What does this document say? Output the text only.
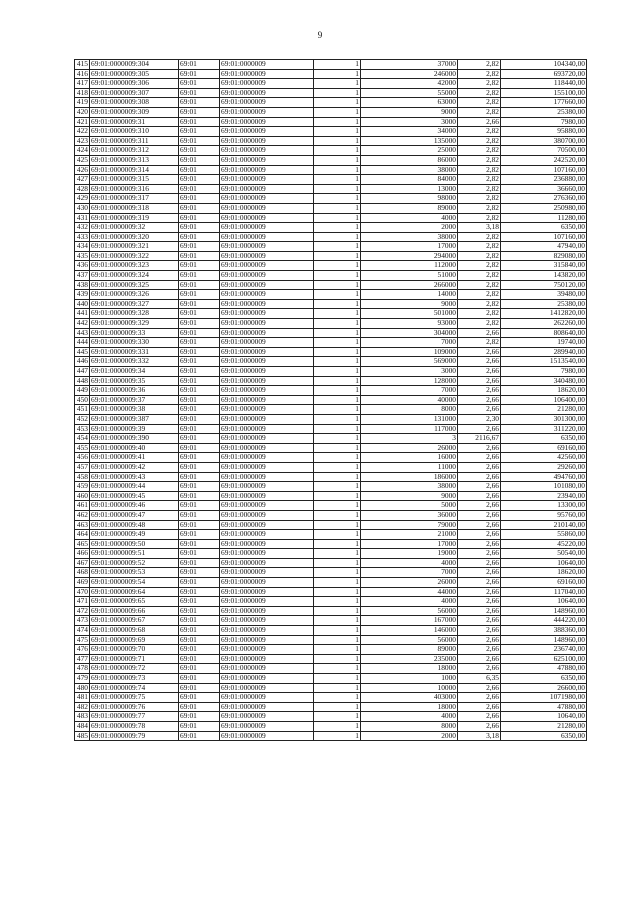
9
415	69:01:0000009:304	69:01	69:01:0000009	1	37000	2,82	104340,00
416	69:01:0000009:305	69:01	69:01:0000009	1	246000	2,82	693720,00
417	69:01:0000009:306	69:01	69:01:0000009	1	42000	2,82	118440,00
418	69:01:0000009:307	69:01	69:01:0000009	1	55000	2,82	155100,00
419	69:01:0000009:308	69:01	69:01:0000009	1	63000	2,82	177660,00
420	69:01:0000009:309	69:01	69:01:0000009	1	9000	2,82	25380,00
421	69:01:0000009:31	69:01	69:01:0000009	1	3000	2,66	7980,00
422	69:01:0000009:310	69:01	69:01:0000009	1	34000	2,82	95880,00
423	69:01:0000009:311	69:01	69:01:0000009	1	135000	2,82	380700,00
424	69:01:0000009:312	69:01	69:01:0000009	1	25000	2,82	70500,00
425	69:01:0000009:313	69:01	69:01:0000009	1	86000	2,82	242520,00
426	69:01:0000009:314	69:01	69:01:0000009	1	38000	2,82	107160,00
427	69:01:0000009:315	69:01	69:01:0000009	1	84000	2,82	236880,00
428	69:01:0000009:316	69:01	69:01:0000009	1	13000	2,82	36660,00
429	69:01:0000009:317	69:01	69:01:0000009	1	98000	2,82	276360,00
430	69:01:0000009:318	69:01	69:01:0000009	1	89000	2,82	250980,00
431	69:01:0000009:319	69:01	69:01:0000009	1	4000	2,82	11280,00
432	69:01:0000009:32	69:01	69:01:0000009	1	2000	3,18	6350,00
433	69:01:0000009:320	69:01	69:01:0000009	1	38000	2,82	107160,00
434	69:01:0000009:321	69:01	69:01:0000009	1	17000	2,82	47940,00
435	69:01:0000009:322	69:01	69:01:0000009	1	294000	2,82	829080,00
436	69:01:0000009:323	69:01	69:01:0000009	1	112000	2,82	315840,00
437	69:01:0000009:324	69:01	69:01:0000009	1	51000	2,82	143820,00
438	69:01:0000009:325	69:01	69:01:0000009	1	266000	2,82	750120,00
439	69:01:0000009:326	69:01	69:01:0000009	1	14000	2,82	39480,00
440	69:01:0000009:327	69:01	69:01:0000009	1	9000	2,82	25380,00
441	69:01:0000009:328	69:01	69:01:0000009	1	501000	2,82	1412820,00
442	69:01:0000009:329	69:01	69:01:0000009	1	93000	2,82	262260,00
443	69:01:0000009:33	69:01	69:01:0000009	1	304000	2,66	808640,00
444	69:01:0000009:330	69:01	69:01:0000009	1	7000	2,82	19740,00
445	69:01:0000009:331	69:01	69:01:0000009	1	109000	2,66	289940,00
446	69:01:0000009:332	69:01	69:01:0000009	1	569000	2,66	1513540,00
447	69:01:0000009:34	69:01	69:01:0000009	1	3000	2,66	7980,00
448	69:01:0000009:35	69:01	69:01:0000009	1	128000	2,66	340480,00
449	69:01:0000009:36	69:01	69:01:0000009	1	7000	2,66	18620,00
450	69:01:0000009:37	69:01	69:01:0000009	1	40000	2,66	106400,00
451	69:01:0000009:38	69:01	69:01:0000009	1	8000	2,66	21280,00
452	69:01:0000009:387	69:01	69:01:0000009	1	131000	2,30	301300,00
453	69:01:0000009:39	69:01	69:01:0000009	1	117000	2,66	311220,00
454	69:01:0000009:390	69:01	69:01:0000009	1	3	2116,67	6350,00
455	69:01:0000009:40	69:01	69:01:0000009	1	26000	2,66	69160,00
456	69:01:0000009:41	69:01	69:01:0000009	1	16000	2,66	42560,00
457	69:01:0000009:42	69:01	69:01:0000009	1	11000	2,66	29260,00
458	69:01:0000009:43	69:01	69:01:0000009	1	186000	2,66	494760,00
459	69:01:0000009:44	69:01	69:01:0000009	1	38000	2,66	101080,00
460	69:01:0000009:45	69:01	69:01:0000009	1	9000	2,66	23940,00
461	69:01:0000009:46	69:01	69:01:0000009	1	5000	2,66	13300,00
462	69:01:0000009:47	69:01	69:01:0000009	1	36000	2,66	95760,00
463	69:01:0000009:48	69:01	69:01:0000009	1	79000	2,66	210140,00
464	69:01:0000009:49	69:01	69:01:0000009	1	21000	2,66	55860,00
465	69:01:0000009:50	69:01	69:01:0000009	1	17000	2,66	45220,00
466	69:01:0000009:51	69:01	69:01:0000009	1	19000	2,66	50540,00
467	69:01:0000009:52	69:01	69:01:0000009	1	4000	2,66	10640,00
468	69:01:0000009:53	69:01	69:01:0000009	1	7000	2,66	18620,00
469	69:01:0000009:54	69:01	69:01:0000009	1	26000	2,66	69160,00
470	69:01:0000009:64	69:01	69:01:0000009	1	44000	2,66	117040,00
471	69:01:0000009:65	69:01	69:01:0000009	1	4000	2,66	10640,00
472	69:01:0000009:66	69:01	69:01:0000009	1	56000	2,66	148960,00
473	69:01:0000009:67	69:01	69:01:0000009	1	167000	2,66	444220,00
474	69:01:0000009:68	69:01	69:01:0000009	1	146000	2,66	388360,00
475	69:01:0000009:69	69:01	69:01:0000009	1	56000	2,66	148960,00
476	69:01:0000009:70	69:01	69:01:0000009	1	89000	2,66	236740,00
477	69:01:0000009:71	69:01	69:01:0000009	1	235000	2,66	625100,00
478	69:01:0000009:72	69:01	69:01:0000009	1	18000	2,66	47880,00
479	69:01:0000009:73	69:01	69:01:0000009	1	1000	6,35	6350,00
480	69:01:0000009:74	69:01	69:01:0000009	1	10000	2,66	26600,00
481	69:01:0000009:75	69:01	69:01:0000009	1	403000	2,66	1071980,00
482	69:01:0000009:76	69:01	69:01:0000009	1	18000	2,66	47880,00
483	69:01:0000009:77	69:01	69:01:0000009	1	4000	2,66	10640,00
484	69:01:0000009:78	69:01	69:01:0000009	1	8000	2,66	21280,00
485	69:01:0000009:79	69:01	69:01:0000009	1	2000	3,18	6350,00
